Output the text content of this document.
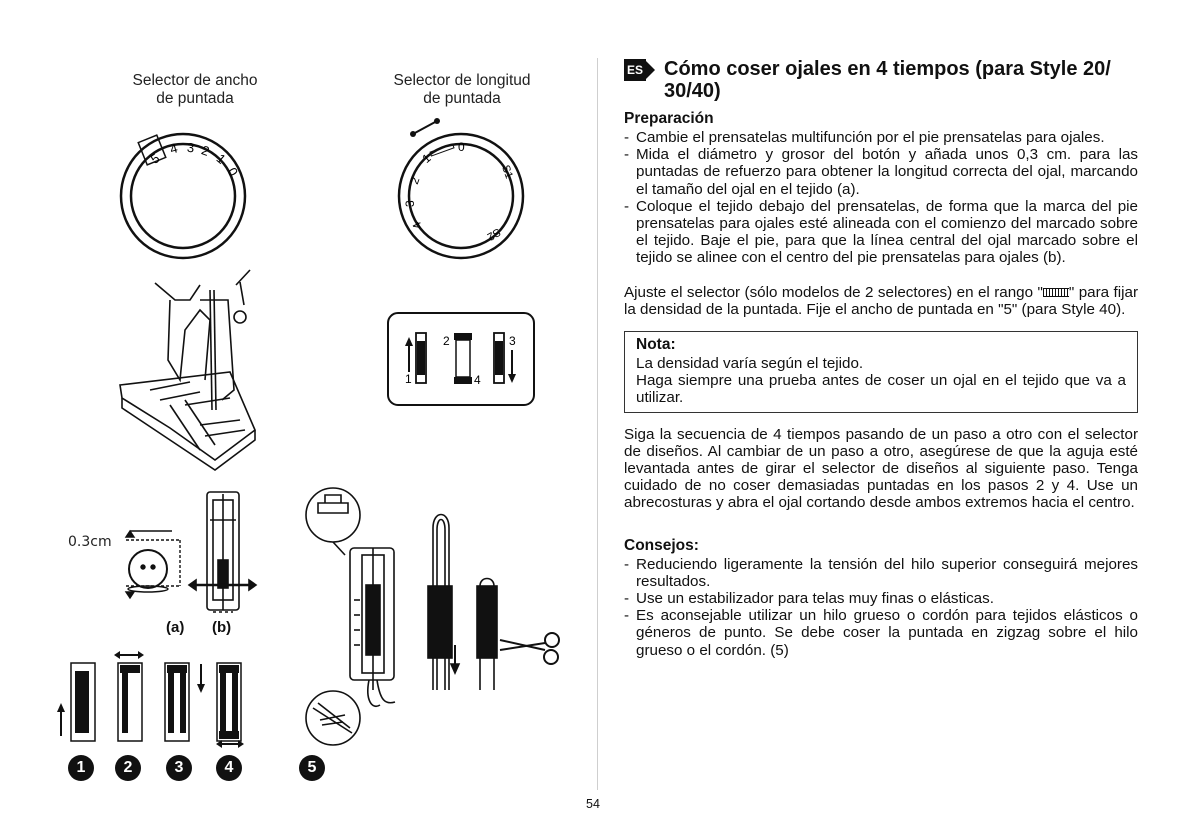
Selector de ancho
de puntada
Selector de longitud
de puntada
5
4 3 2 1
0
0
1
2
3
4
S1
S2
1
2
4
3
0.3cm
(a) (b)
1	2	3	4	5
54
ES Cómo coser ojales en 4 tiempos (para Style 20/ 30/40)
Preparación
- Cambie el prensatelas multifunción por el pie prensatelas para ojales.
- Mida el diámetro y grosor del botón y añada unos 0,3 cm. para las puntadas de refuerzo para obtener la longitud correcta del ojal, marcando el tamaño del ojal en el tejido (a).
- Coloque el tejido debajo del prensatelas, de forma que la marca del pie prensatelas para ojales esté alineada con el comienzo del marcado sobre el tejido. Baje el pie, para que la línea central del ojal marcado sobre el tejido se alinee con el centro del pie prensatelas para ojales (b).

Ajuste el selector (sólo modelos de 2 selectores) en el rango " " para fijar la densidad de la puntada. Fije el ancho de puntada en "5" (para Style 40).

Nota:

La densidad varía según el tejido.

Haga siempre una prueba antes de coser un ojal en el tejido que va a utilizar.

Siga la secuencia de 4 tiempos pasando de un paso a otro con el selector de diseños. Al cambiar de un paso a otro, asegúrese de que la aguja esté levantada antes de girar el selector de diseños al siguiente paso. Tenga cuidado de no coser demasiadas puntadas en los pasos 2 y 4. Use un abrecosturas y abra el ojal cortando desde ambos extremos hacia el centro.

Consejos:
- Reduciendo ligeramente la tensión del hilo superior conseguirá mejores resultados.
- Use un estabilizador para telas muy finas o elásticas.
- Es aconsejable utilizar un hilo grueso o cordón para tejidos elásticos o géneros de punto. Se debe coser la puntada en zigzag sobre el hilo grueso o el cordón. (5)
